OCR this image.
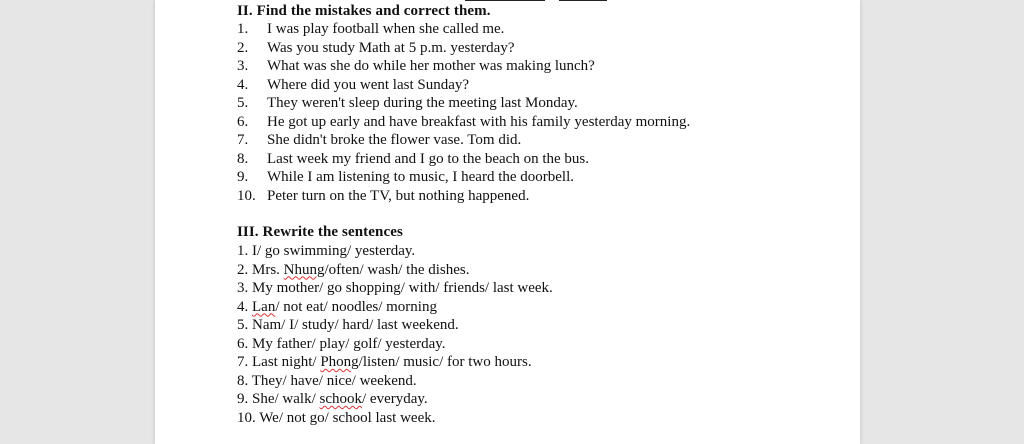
II. Find the mistakes and correct them.
1. I was play football when she called me.
2. Was you study Math at 5 p.m. yesterday?
3. What was she do while her mother was making lunch?
4. Where did you went last Sunday?
5. They weren't sleep during the meeting last Monday.
6. He got up early and have breakfast with his family yesterday morning.
7. She didn't broke the flower vase. Tom did.
8. Last week my friend and I go to the beach on the bus.
9. While I am listening to music, I heard the doorbell.
10. Peter turn on the TV, but nothing happened.
III. Rewrite the sentences
1. I/ go swimming/ yesterday.
2. Mrs. Nhung/often/ wash/ the dishes.
3. My mother/ go shopping/ with/ friends/ last week.
4. Lan/ not eat/ noodles/ morning
5. Nam/ I/ study/ hard/ last weekend.
6. My father/ play/ golf/ yesterday.
7. Last night/ Phong/listen/ music/ for two hours.
8. They/ have/ nice/ weekend.
9. She/ walk/ schook/ everyday.
10. We/ not go/ school last week.
